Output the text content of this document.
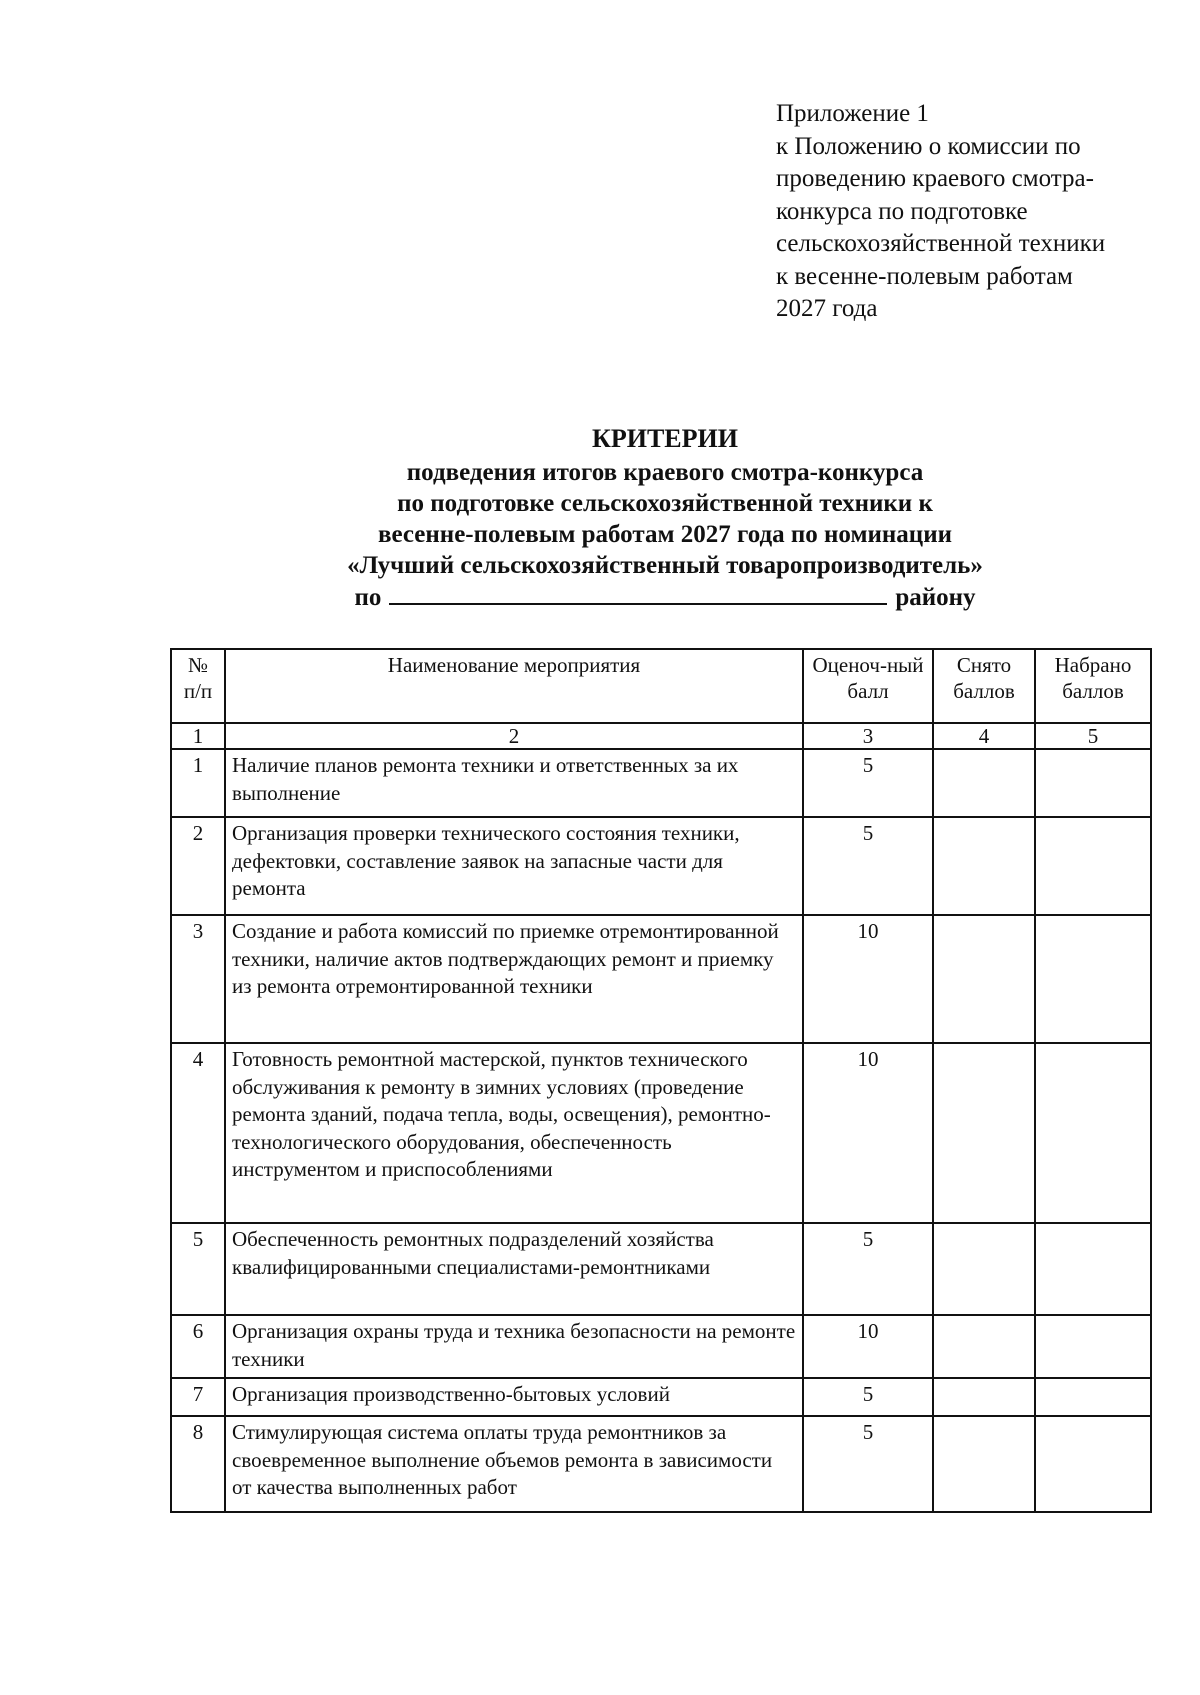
Приложение 1
к Положению о комиссии по
проведению краевого смотра-
конкурса по подготовке
сельскохозяйственной техники
к весенне-полевым работам
2027 года
КРИТЕРИИ
подведения итогов краевого смотра-конкурса
по подготовке сельскохозяйственной техники к
весенне-полевым работам 2027 года по номинации
«Лучший сельскохозяйственный товаропроизводитель»
по	району
№ п/п	Наименование мероприятия	Оценоч-ный балл	Снято баллов	Набрано баллов
1	2	3	4	5
1	Наличие планов ремонта техники и ответственных за их выполнение	5		
2	Организация проверки технического состояния техники, дефектовки, составление заявок на запасные части для ремонта	5		
3	Создание и работа комиссий по приемке отремонтированной техники, наличие актов подтверждающих ремонт и приемку из ремонта отремонтированной техники	10		
4	Готовность ремонтной мастерской, пунктов технического обслуживания к ремонту в зимних условиях (проведение ремонта зданий, подача тепла, воды, освещения), ремонтно-технологического оборудования, обеспеченность инструментом и приспособлениями	10		
5	Обеспеченность ремонтных подразделений хозяйства квалифицированными специалистами-ремонтниками	5		
6	Организация охраны труда и техника безопасности на ремонте техники	10		
7	Организация производственно-бытовых условий	5		
8	Стимулирующая система оплаты труда ремонтников за своевременное выполнение объемов ремонта в зависимости от качества выполненных работ	5		
